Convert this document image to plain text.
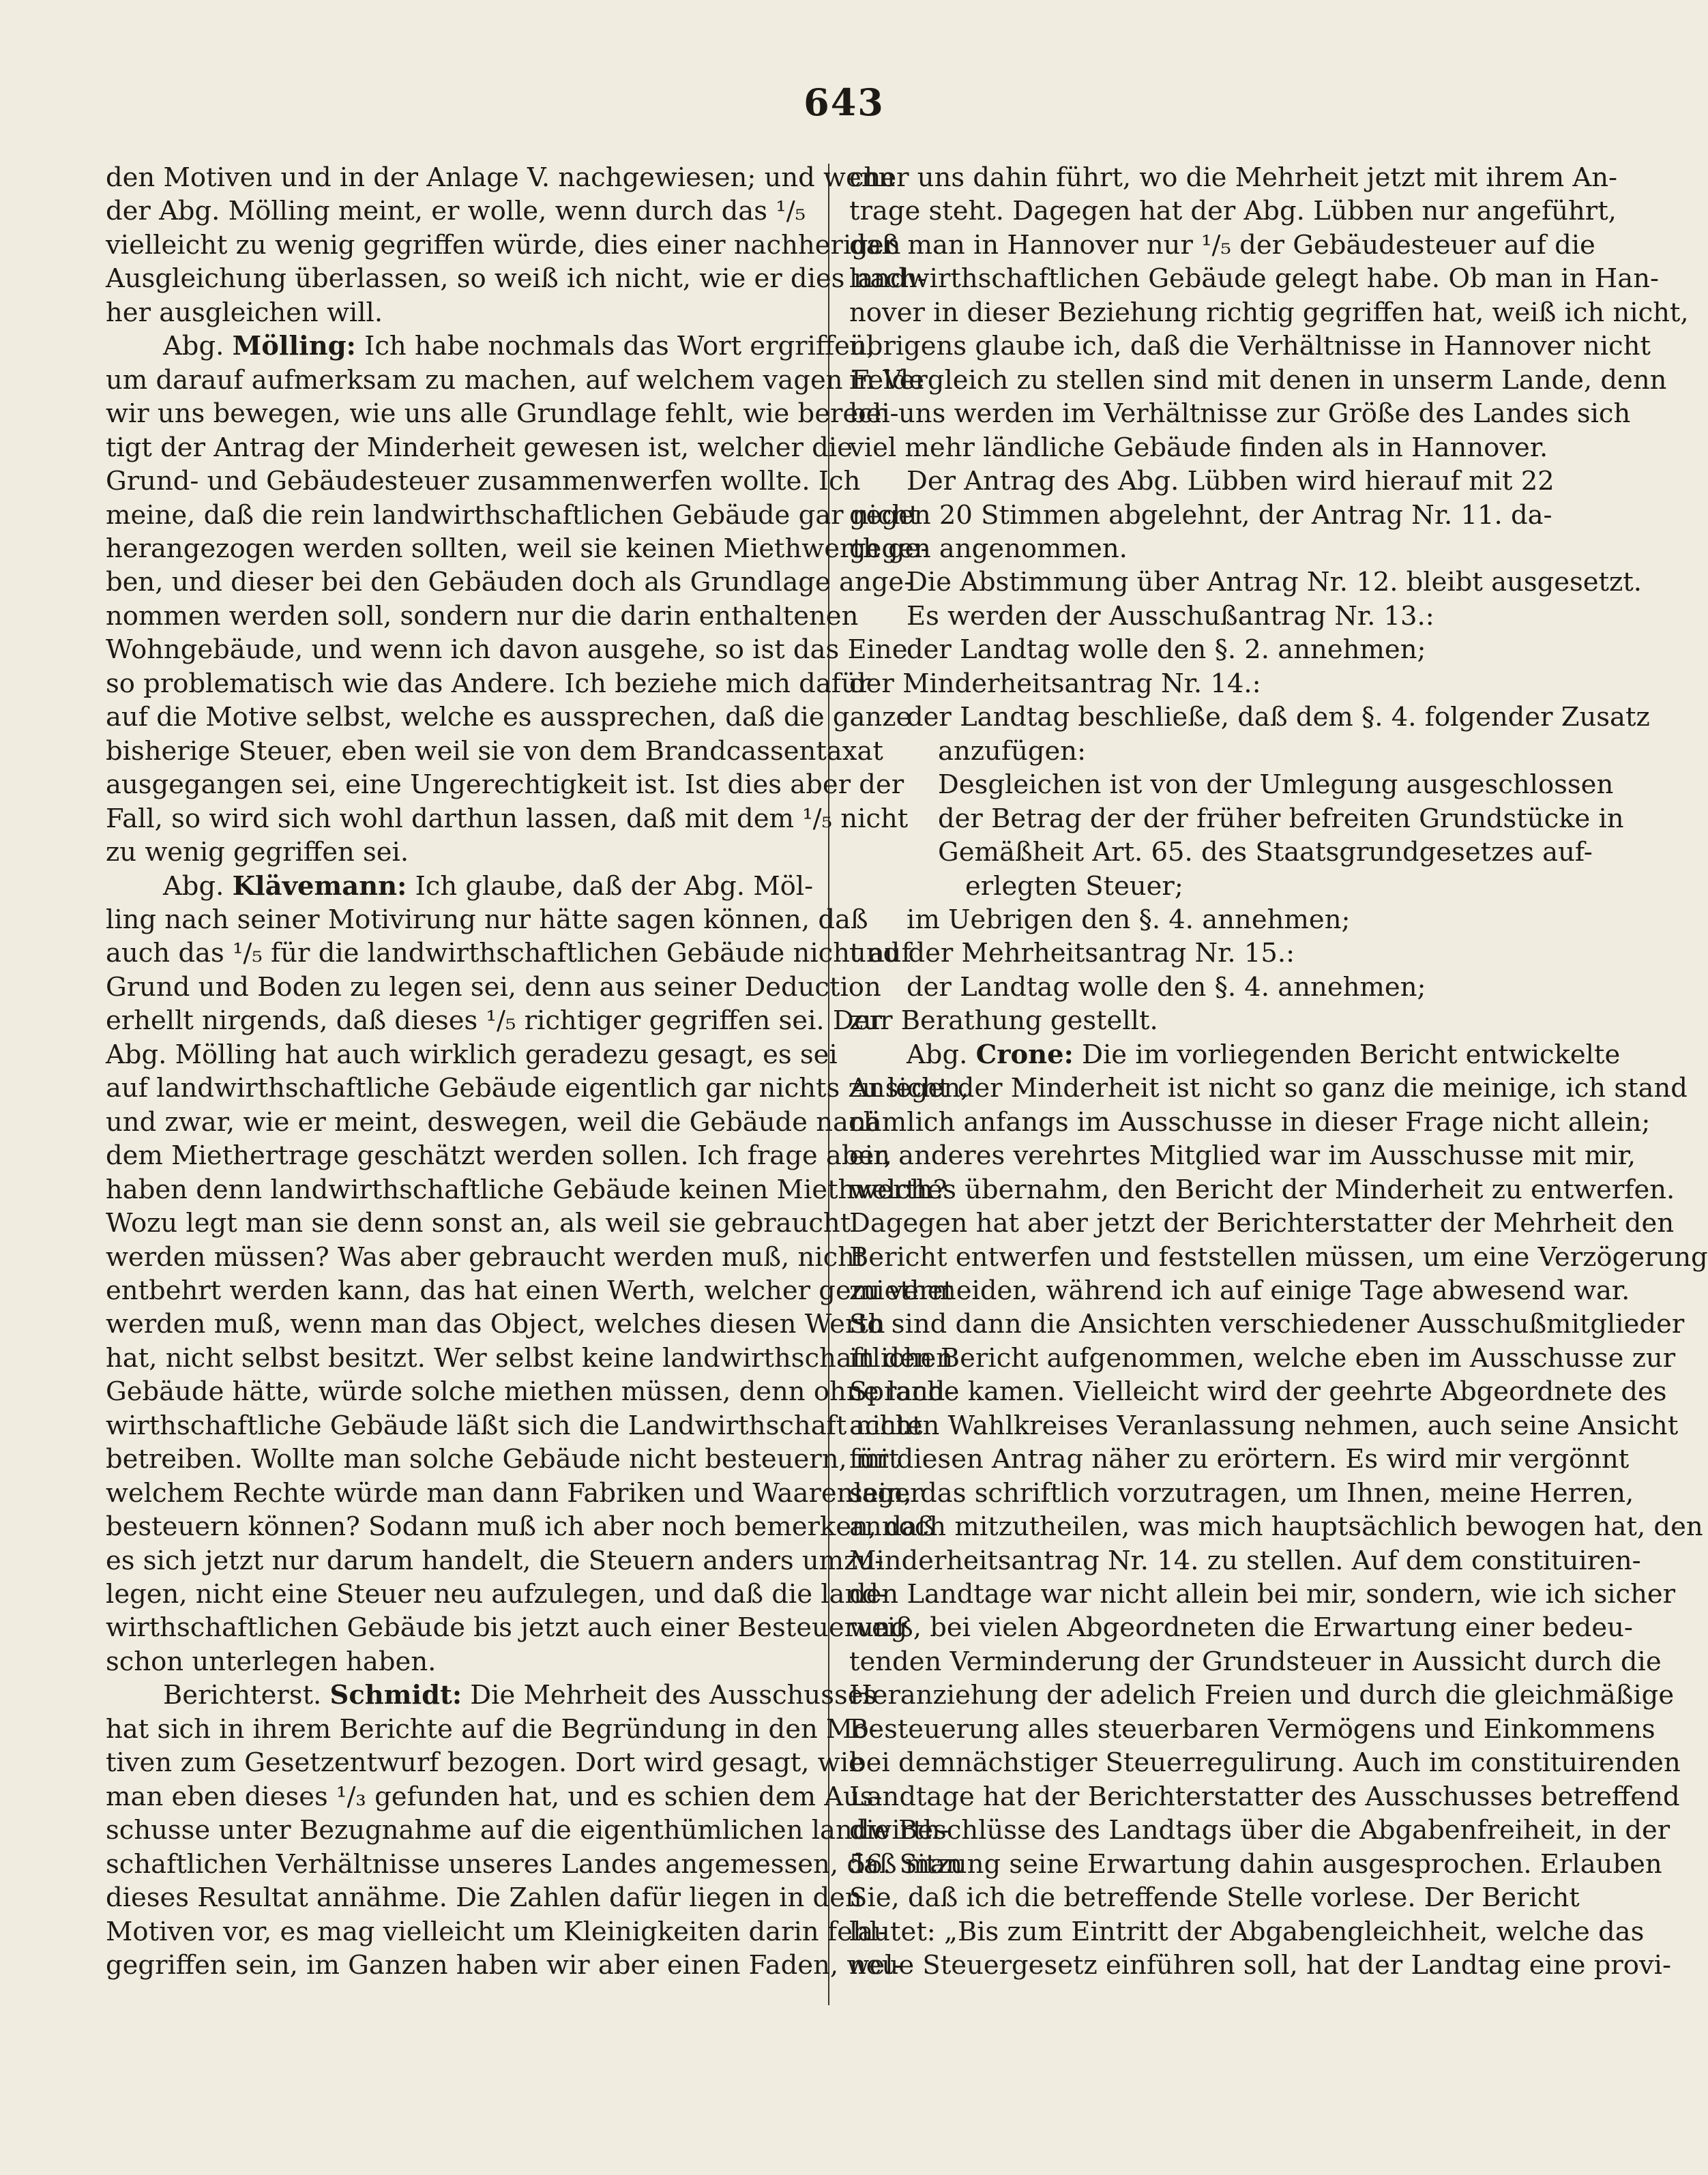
643
den Motiven und in der Anlage V. nachgewiesen; und wenn
der Abg. Mölling meint, er wolle, wenn durch das ¹/₅
vielleicht zu wenig gegriffen würde, dies einer nachherigen
Ausgleichung überlassen, so weiß ich nicht, wie er dies nach-
her ausgleichen will.
Abg. Mölling: Ich habe nochmals das Wort ergriffen,
um darauf aufmerksam zu machen, auf welchem vagen Felde
wir uns bewegen, wie uns alle Grundlage fehlt, wie berech-
tigt der Antrag der Minderheit gewesen ist, welcher die
Grund- und Gebäudesteuer zusammenwerfen wollte. Ich
meine, daß die rein landwirthschaftlichen Gebäude gar nicht
herangezogen werden sollten, weil sie keinen Miethwerth ge-
ben, und dieser bei den Gebäuden doch als Grundlage ange-
nommen werden soll, sondern nur die darin enthaltenen
Wohngebäude, und wenn ich davon ausgehe, so ist das Eine
so problematisch wie das Andere. Ich beziehe mich dafür
auf die Motive selbst, welche es aussprechen, daß die ganze
bisherige Steuer, eben weil sie von dem Brandcassentaxat
ausgegangen sei, eine Ungerechtigkeit ist. Ist dies aber der
Fall, so wird sich wohl darthun lassen, daß mit dem ¹/₅ nicht
zu wenig gegriffen sei.
Abg. Klävemann: Ich glaube, daß der Abg. Möl-
ling nach seiner Motivirung nur hätte sagen können, daß
auch das ¹/₅ für die landwirthschaftlichen Gebäude nicht auf
Grund und Boden zu legen sei, denn aus seiner Deduction
erhellt nirgends, daß dieses ¹/₅ richtiger gegriffen sei. Der
Abg. Mölling hat auch wirklich geradezu gesagt, es sei
auf landwirthschaftliche Gebäude eigentlich gar nichts zu legen,
und zwar, wie er meint, deswegen, weil die Gebäude nach
dem Miethertrage geschätzt werden sollen. Ich frage aber,
haben denn landwirthschaftliche Gebäude keinen Miethwerth?
Wozu legt man sie denn sonst an, als weil sie gebraucht
werden müssen? Was aber gebraucht werden muß, nicht
entbehrt werden kann, das hat einen Werth, welcher gemiethet
werden muß, wenn man das Object, welches diesen Werth
hat, nicht selbst besitzt. Wer selbst keine landwirthschaftlichen
Gebäude hätte, würde solche miethen müssen, denn ohne land-
wirthschaftliche Gebäude läßt sich die Landwirthschaft nicht
betreiben. Wollte man solche Gebäude nicht besteuern, mit
welchem Rechte würde man dann Fabriken und Waarenlager
besteuern können? Sodann muß ich aber noch bemerken, daß
es sich jetzt nur darum handelt, die Steuern anders umzu-
legen, nicht eine Steuer neu aufzulegen, und daß die land-
wirthschaftlichen Gebäude bis jetzt auch einer Besteuerung
schon unterlegen haben.
Berichterst. Schmidt: Die Mehrheit des Ausschusses
hat sich in ihrem Berichte auf die Begründung in den Mo-
tiven zum Gesetzentwurf bezogen. Dort wird gesagt, wie
man eben dieses ¹/₃ gefunden hat, und es schien dem Aus-
schusse unter Bezugnahme auf die eigenthümlichen landwirth-
schaftlichen Verhältnisse unseres Landes angemessen, daß man
dieses Resultat annähme. Die Zahlen dafür liegen in den
Motiven vor, es mag vielleicht um Kleinigkeiten darin fehl-
gegriffen sein, im Ganzen haben wir aber einen Faden, wel-
cher uns dahin führt, wo die Mehrheit jetzt mit ihrem An-
trage steht. Dagegen hat der Abg. Lübben nur angeführt,
daß man in Hannover nur ¹/₅ der Gebäudesteuer auf die
landwirthschaftlichen Gebäude gelegt habe. Ob man in Han-
nover in dieser Beziehung richtig gegriffen hat, weiß ich nicht,
übrigens glaube ich, daß die Verhältnisse in Hannover nicht
in Vergleich zu stellen sind mit denen in unserm Lande, denn
bei uns werden im Verhältnisse zur Größe des Landes sich
viel mehr ländliche Gebäude finden als in Hannover.
Der Antrag des Abg. Lübben wird hierauf mit 22
gegen 20 Stimmen abgelehnt, der Antrag Nr. 11. da-
gegen angenommen.
Die Abstimmung über Antrag Nr. 12. bleibt ausgesetzt.
Es werden der Ausschußantrag Nr. 13.:
der Landtag wolle den §. 2. annehmen;
der Minderheitsantrag Nr. 14.:
der Landtag beschließe, daß dem §. 4. folgender Zusatz
anzufügen:
Desgleichen ist von der Umlegung ausgeschlossen
der Betrag der der früher befreiten Grundstücke in
Gemäßheit Art. 65. des Staatsgrundgesetzes auf-
erlegten Steuer;
im Uebrigen den §. 4. annehmen;
und der Mehrheitsantrag Nr. 15.:
der Landtag wolle den §. 4. annehmen;
zur Berathung gestellt.
Abg. Crone: Die im vorliegenden Bericht entwickelte
Ansicht der Minderheit ist nicht so ganz die meinige, ich stand
nämlich anfangs im Ausschusse in dieser Frage nicht allein;
ein anderes verehrtes Mitglied war im Ausschusse mit mir,
welches übernahm, den Bericht der Minderheit zu entwerfen.
Dagegen hat aber jetzt der Berichterstatter der Mehrheit den
Bericht entwerfen und feststellen müssen, um eine Verzögerung
zu vermeiden, während ich auf einige Tage abwesend war.
So sind dann die Ansichten verschiedener Ausschußmitglieder
in den Bericht aufgenommen, welche eben im Ausschusse zur
Sprache kamen. Vielleicht wird der geehrte Abgeordnete des
achten Wahlkreises Veranlassung nehmen, auch seine Ansicht
für diesen Antrag näher zu erörtern. Es wird mir vergönnt
sein, das schriftlich vorzutragen, um Ihnen, meine Herren,
annoch mitzutheilen, was mich hauptsächlich bewogen hat, den
Minderheitsantrag Nr. 14. zu stellen. Auf dem constituiren-
den Landtage war nicht allein bei mir, sondern, wie ich sicher
weiß, bei vielen Abgeordneten die Erwartung einer bedeu-
tenden Verminderung der Grundsteuer in Aussicht durch die
Heranziehung der adelich Freien und durch die gleichmäßige
Besteuerung alles steuerbaren Vermögens und Einkommens
bei demnächstiger Steuerregulirung. Auch im constituirenden
Landtage hat der Berichterstatter des Ausschusses betreffend
die Beschlüsse des Landtags über die Abgabenfreiheit, in der
56. Sitzung seine Erwartung dahin ausgesprochen. Erlauben
Sie, daß ich die betreffende Stelle vorlese. Der Bericht
lautet: „Bis zum Eintritt der Abgabengleichheit, welche das
neue Steuergesetz einführen soll, hat der Landtag eine provi-
